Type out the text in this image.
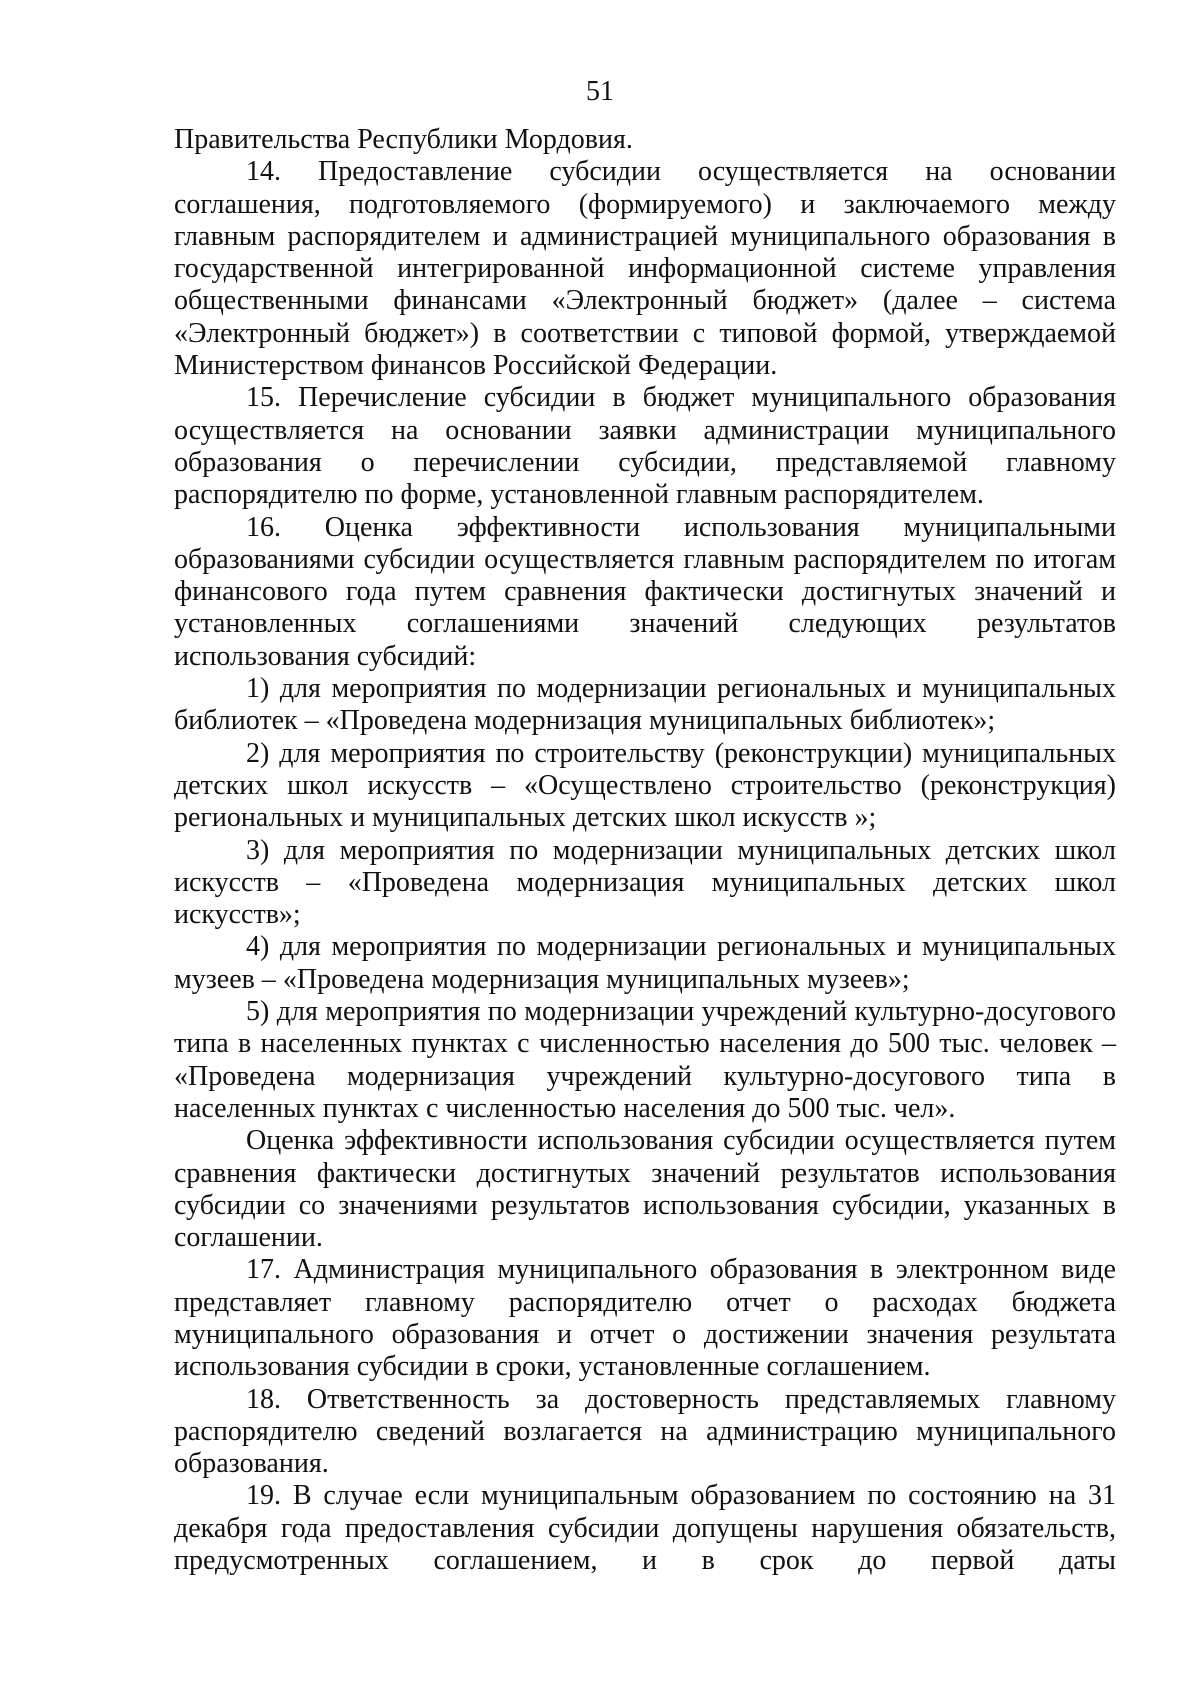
51

Правительства Республики Мордовия.

14. Предоставление субсидии осуществляется на основании соглашения, подготовляемого (формируемого) и заключаемого между главным распорядителем и администрацией муниципального образования в государственной интегрированной информационной системе управления общественными финансами «Электронный бюджет» (далее – система «Электронный бюджет») в соответствии с типовой формой, утверждаемой Министерством финансов Российской Федерации.

15. Перечисление субсидии в бюджет муниципального образования осуществляется на основании заявки администрации муниципального образования о перечислении субсидии, представляемой главному распорядителю по форме, установленной главным распорядителем.

16. Оценка эффективности использования муниципальными образованиями субсидии осуществляется главным распорядителем по итогам финансового года путем сравнения фактически достигнутых значений и установленных соглашениями значений следующих результатов использования субсидий:

1) для мероприятия по модернизации региональных и муниципальных библиотек – «Проведена модернизация муниципальных библиотек»;

2) для мероприятия по строительству (реконструкции) муниципальных детских школ искусств – «Осуществлено строительство (реконструкция) региональных и муниципальных детских школ искусств »;

3) для мероприятия по модернизации муниципальных детских школ искусств – «Проведена модернизация муниципальных детских школ искусств»;

4) для мероприятия по модернизации региональных и муниципальных музеев – «Проведена модернизация муниципальных музеев»;

5) для мероприятия по модернизации учреждений культурно-досугового типа в населенных пунктах с численностью населения до 500 тыс. человек – «Проведена модернизация учреждений культурно-досугового типа в населенных пунктах с численностью населения до 500 тыс. чел».

Оценка эффективности использования субсидии осуществляется путем сравнения фактически достигнутых значений результатов использования субсидии со значениями результатов использования субсидии, указанных в соглашении.

17. Администрация муниципального образования в электронном виде представляет главному распорядителю отчет о расходах бюджета муниципального образования и отчет о достижении значения результата использования субсидии в сроки, установленные соглашением.

18. Ответственность за достоверность представляемых главному распорядителю сведений возлагается на администрацию муниципального образования.

19. В случае если муниципальным образованием по состоянию на 31 декабря года предоставления субсидии допущены нарушения обязательств, предусмотренных соглашением, и в срок до первой даты
